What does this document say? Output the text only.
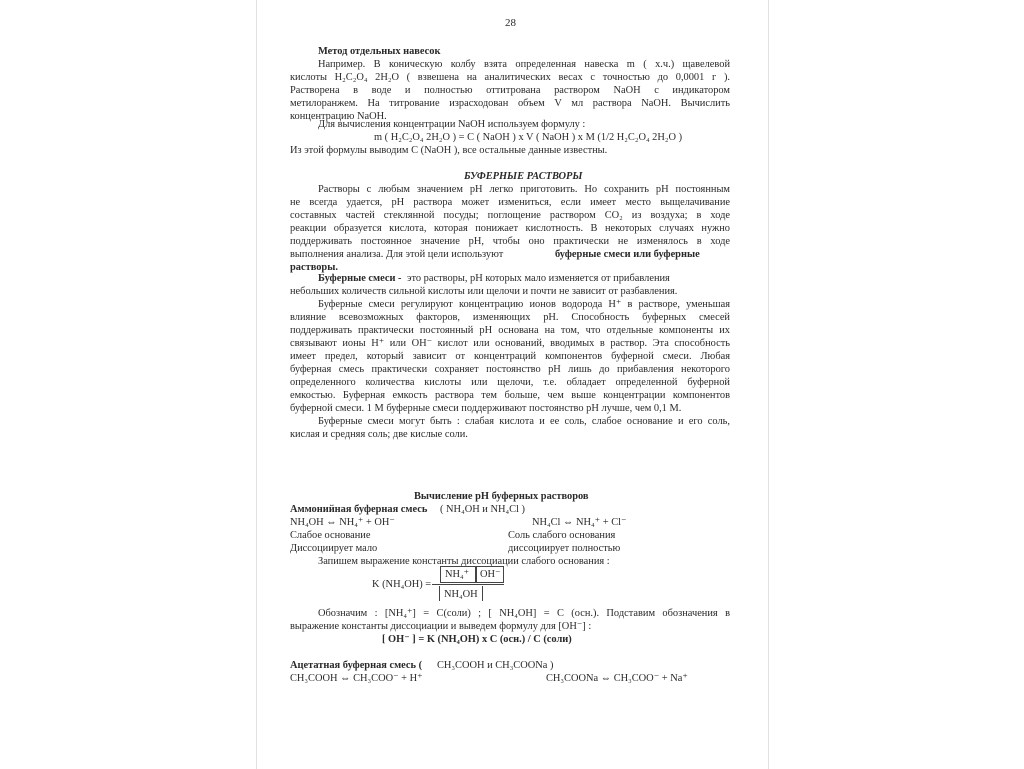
28
Метод отдельных навесок
Например. В коническую колбу взята определенная навеска m ( х.ч.) щавелевой
кислоты H₂C₂O₄ 2H₂O ( взвешена на аналитических весах с точностью до 0,0001 г ).
Растворена в воде и полностью оттитрована раствором NaOH с индикатором
метилоранжем. На титрование израсходован объем V мл раствора NaOH. Вычислить
концентрацию NaOH.
Для вычисления концентрации NaOH используем формулу :
m ( H₂C₂O₄ 2H₂O ) = C ( NaOH ) x V ( NaOH ) x M (1/2 H₂C₂O₄ 2H₂O )
Из этой формулы выводим C (NaOH ), все остальные данные известны.
БУФЕРНЫЕ РАСТВОРЫ
Растворы с любым значением рН легко приготовить. Но сохранить рН постоянным
не всегда удается, рН раствора может измениться, если имеет место выщелачивание
составных частей стеклянной посуды; поглощение раствором CO₂ из воздуха; в ходе
реакции образуется кислота, которая понижает кислотность. В некоторых случаях нужно
поддерживать постоянное значение рН, чтобы оно практически не изменялось в ходе
выполнения анализа. Для этой цели используют	буферные смеси или буферные
растворы.
Буферные смеси - это растворы, рН которых мало изменяется от прибавления
небольших количеств сильной кислоты или щелочи и почти не зависит от разбавления.
Буферные смеси регулируют концентрацию ионов водорода H⁺ в растворе, уменьшая
влияние всевозможных факторов, изменяющих pH. Способность буферных смесей
поддерживать практически постоянный рН основана на том, что отдельные компоненты их
связывают ионы H⁺ или OH⁻ кислот или оснований, вводимых в раствор. Эта способность
имеет предел, который зависит от концентраций компонентов буферной смеси. Любая
буферная смесь практически сохраняет постоянство рН лишь до прибавления некоторого
определенного количества кислоты или щелочи, т.е. обладает определенной буферной
емкостью. Буферная емкость раствора тем больше, чем выше концентрации компонентов
буферной смеси. 1 М буферные смеси поддерживают постоянство рН лучше, чем 0,1 М.
Буферные смеси могут быть : слабая кислота и ее соль, слабое основание и его соль,
кислая и средняя соль; две кислые соли.
Вычисление рН буферных растворов
Аммонийная буферная смесь ( NH₄OH и NH₄Cl )
NH₄OH ⇔ NH₄⁺ + OH⁻	NH₄Cl ⇔ NH₄⁺ + Cl⁻
Слабое основание	Соль слабого основания
Диссоциирует мало	диссоциирует полностью
Запишем выражение константы диссоциации слабого основания :
K (NH₄OH) =
NH₄⁺ OH⁻
NH₄OH
Обозначим : [NH₄⁺] = C(соли) ; [ NH₄OH] = C (осн.). Подставим обозначения в
выражение константы диссоциации и выведем формулу для [OH⁻] :
[ OH⁻ ] = K (NH₄OH) x C (осн.) / C (соли)
Ацетатная буферная смесь ( CH₃COOH и CH₃COONa )
CH₃COOH ⇔ CH₃COO⁻ + H⁺	CH₃COONa ⇔ CH₃COO⁻ + Na⁺
